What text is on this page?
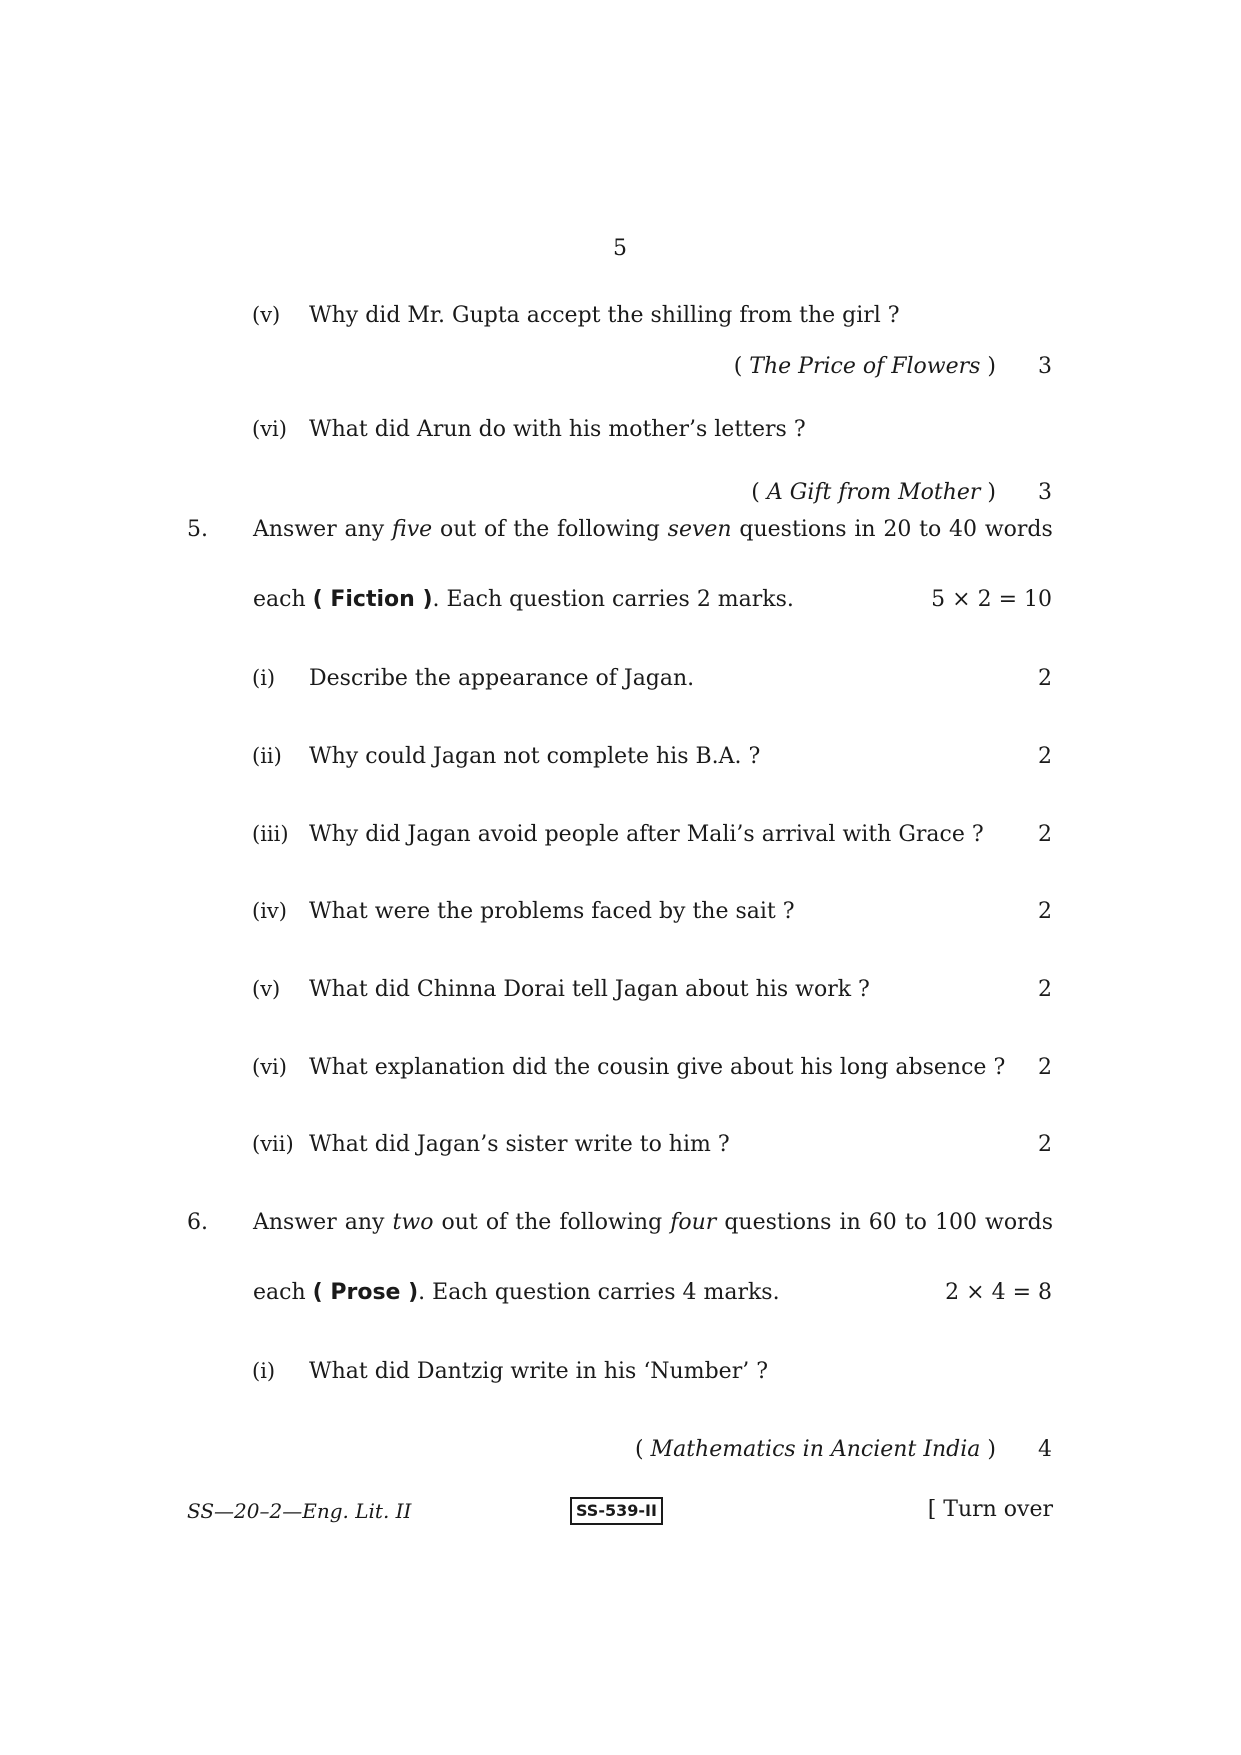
5
(v) Why did Mr. Gupta accept the shilling from the girl ?
( The Price of Flowers ) 3
(vi) What did Arun do with his mother’s letters ?
( A Gift from Mother ) 3
5. Answer any five out of the following seven questions in 20 to 40 words
each ( Fiction ). Each question carries 2 marks.	5 × 2 = 10
(i) Describe the appearance of Jagan.	2
(ii) Why could Jagan not complete his B.A. ?	2
(iii) Why did Jagan avoid people after Mali’s arrival with Grace ? 2
(iv) What were the problems faced by the sait ?	2
(v) What did Chinna Dorai tell Jagan about his work ?	2
(vi) What explanation did the cousin give about his long absence ? 2
(vii) What did Jagan’s sister write to him ?	2
6. Answer any two out of the following four questions in 60 to 100 words
each ( Prose ). Each question carries 4 marks.	2 × 4 = 8
(i) What did Dantzig write in his ‘Number’ ?
( Mathematics in Ancient India ) 4
SS—20–2—Eng. Lit. II	SS-539-II	[ Turn over
